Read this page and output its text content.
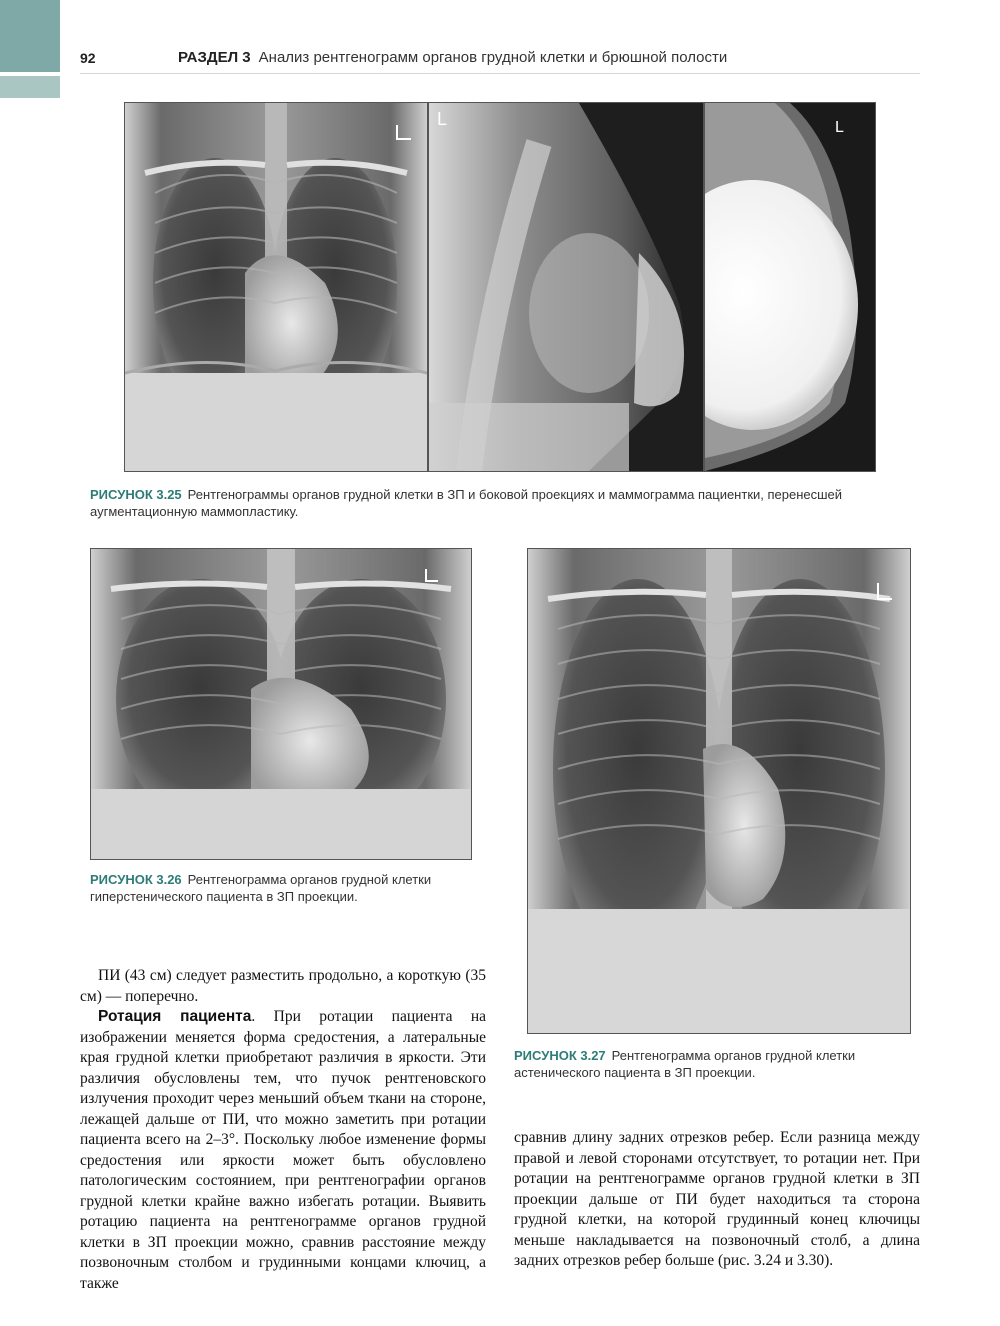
92	РАЗДЕЛ 3 Анализ рентгенограмм органов грудной клетки и брюшной полости
L	L
РИСУНОК 3.25 Рентгенограммы органов грудной клетки в ЗП и боковой проекциях и маммограмма пациентки, перенесшей аугментационную маммопластику.
РИСУНОК 3.26 Рентгенограмма органов грудной клетки гиперстенического пациента в ЗП проекции.
РИСУНОК 3.27 Рентгенограмма органов грудной клетки астенического пациента в ЗП проекции.

ПИ (43 см) следует разместить продольно, а короткую (35 см) — поперечно.

Ротация пациента. При ротации пациента на изображении меняется форма средостения, а латеральные края грудной клетки приобретают различия в яркости. Эти различия обусловлены тем, что пучок рентгеновского излучения проходит через меньший объем ткани на стороне, лежащей дальше от ПИ, что можно заметить при ротации пациента всего на 2–3°. Поскольку любое изменение формы средостения или яркости может быть обусловлено патологическим состоянием, при рентгенографии органов грудной клетки крайне важно избегать ротации. Выявить ротацию пациента на рентгенограмме органов грудной клетки в ЗП проекции можно, сравнив расстояние между позвоночным столбом и грудинными концами ключиц, а также

сравнив длину задних отрезков ребер. Если разница между правой и левой сторонами отсутствует, то ротации нет. При ротации на рентгенограмме органов грудной клетки в ЗП проекции дальше от ПИ будет находиться та сторона грудной клетки, на которой грудинный конец ключицы меньше накладывается на позвоночный столб, а длина задних отрезков ребер больше (рис. 3.24 и 3.30).
